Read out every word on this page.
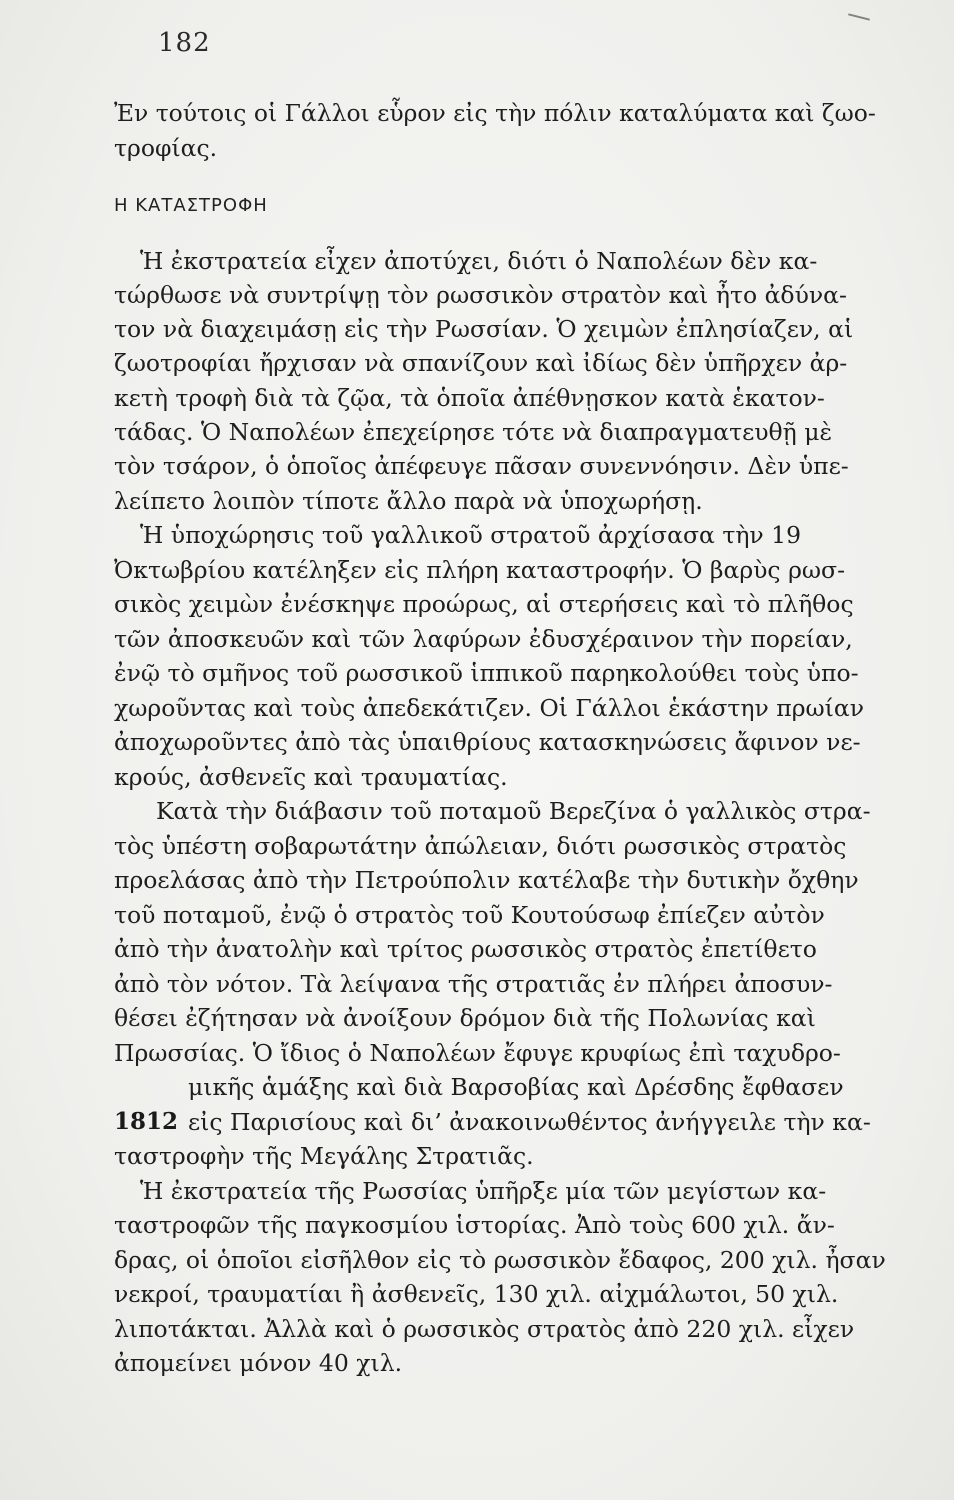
182
Ἐν τούτοις οἱ Γάλλοι εὗρον εἰς τὴν πόλιν καταλύματα καὶ ζωο-
τροφίας.
Η ΚΑΤΑΣΤΡΟΦΗ
Ἡ ἐκστρατεία εἶχεν ἀποτύχει, διότι ὁ Ναπολέων δὲν κα-
τώρθωσε νὰ συντρίψῃ τὸν ρωσσικὸν στρατὸν καὶ ἦτο ἀδύνα-
τον νὰ διαχειμάσῃ εἰς τὴν Ρωσσίαν. Ὁ χειμὼν ἐπλησίαζεν, αἱ
ζωοτροφίαι ἤρχισαν νὰ σπανίζουν καὶ ἰδίως δὲν ὑπῆρχεν ἀρ-
κετὴ τροφὴ διὰ τὰ ζῷα, τὰ ὁποῖα ἀπέθνῃσκον κατὰ ἑκατον-
τάδας. Ὁ Ναπολέων ἐπεχείρησε τότε νὰ διαπραγματευθῇ μὲ
τὸν τσάρον, ὁ ὁποῖος ἀπέφευγε πᾶσαν συνεννόησιν. Δὲν ὑπε-
λείπετο λοιπὸν τίποτε ἄλλο παρὰ νὰ ὑποχωρήσῃ.
Ἡ ὑποχώρησις τοῦ γαλλικοῦ στρατοῦ ἀρχίσασα τὴν 19
Ὀκτωβρίου κατέληξεν εἰς πλήρη καταστροφήν. Ὁ βαρὺς ρωσ-
σικὸς χειμὼν ἐνέσκηψε προώρως, αἱ στερήσεις καὶ τὸ πλῆθος
τῶν ἀποσκευῶν καὶ τῶν λαφύρων ἐδυσχέραινον τὴν πορείαν,
ἐνῷ τὸ σμῆνος τοῦ ρωσσικοῦ ἱππικοῦ παρηκολούθει τοὺς ὑπο-
χωροῦντας καὶ τοὺς ἀπεδεκάτιζεν. Οἱ Γάλλοι ἑκάστην πρωίαν
ἀποχωροῦντες ἀπὸ τὰς ὑπαιθρίους κατασκηνώσεις ἄφινον νε-
κρούς, ἀσθενεῖς καὶ τραυματίας.
Κατὰ τὴν διάβασιν τοῦ ποταμοῦ Βερεζίνα ὁ γαλλικὸς στρα-
τὸς ὑπέστη σοβαρωτάτην ἀπώλειαν, διότι ρωσσικὸς στρατὸς
προελάσας ἀπὸ τὴν Πετρούπολιν κατέλαβε τὴν δυτικὴν ὄχθην
τοῦ ποταμοῦ, ἐνῷ ὁ στρατὸς τοῦ Κουτούσωφ ἐπίεζεν αὐτὸν
ἀπὸ τὴν ἀνατολὴν καὶ τρίτος ρωσσικὸς στρατὸς ἐπετίθετο
ἀπὸ τὸν νότον. Τὰ λείψανα τῆς στρατιᾶς ἐν πλήρει ἀποσυν-
θέσει ἐζήτησαν νὰ ἀνοίξουν δρόμον διὰ τῆς Πολωνίας καὶ
Πρωσσίας. Ὁ ἴδιος ὁ Ναπολέων ἔφυγε κρυφίως ἐπὶ ταχυδρο-
μικῆς ἁμάξης καὶ διὰ Βαρσοβίας καὶ Δρέσδης ἔφθασεν
εἰς Παρισίους καὶ δι’ ἀνακοινωθέντος ἀνήγγειλε τὴν κα-
ταστροφὴν τῆς Μεγάλης Στρατιᾶς.
Ἡ ἐκστρατεία τῆς Ρωσσίας ὑπῆρξε μία τῶν μεγίστων κα-
ταστροφῶν τῆς παγκοσμίου ἱστορίας. Ἀπὸ τοὺς 600 χιλ. ἄν-
δρας, οἱ ὁποῖοι εἰσῆλθον εἰς τὸ ρωσσικὸν ἔδαφος, 200 χιλ. ἦσαν
νεκροί, τραυματίαι ἢ ἀσθενεῖς, 130 χιλ. αἰχμάλωτοι, 50 χιλ.
λιποτάκται. Ἀλλὰ καὶ ὁ ρωσσικὸς στρατὸς ἀπὸ 220 χιλ. εἶχεν
ἀπομείνει μόνον 40 χιλ.
1812
